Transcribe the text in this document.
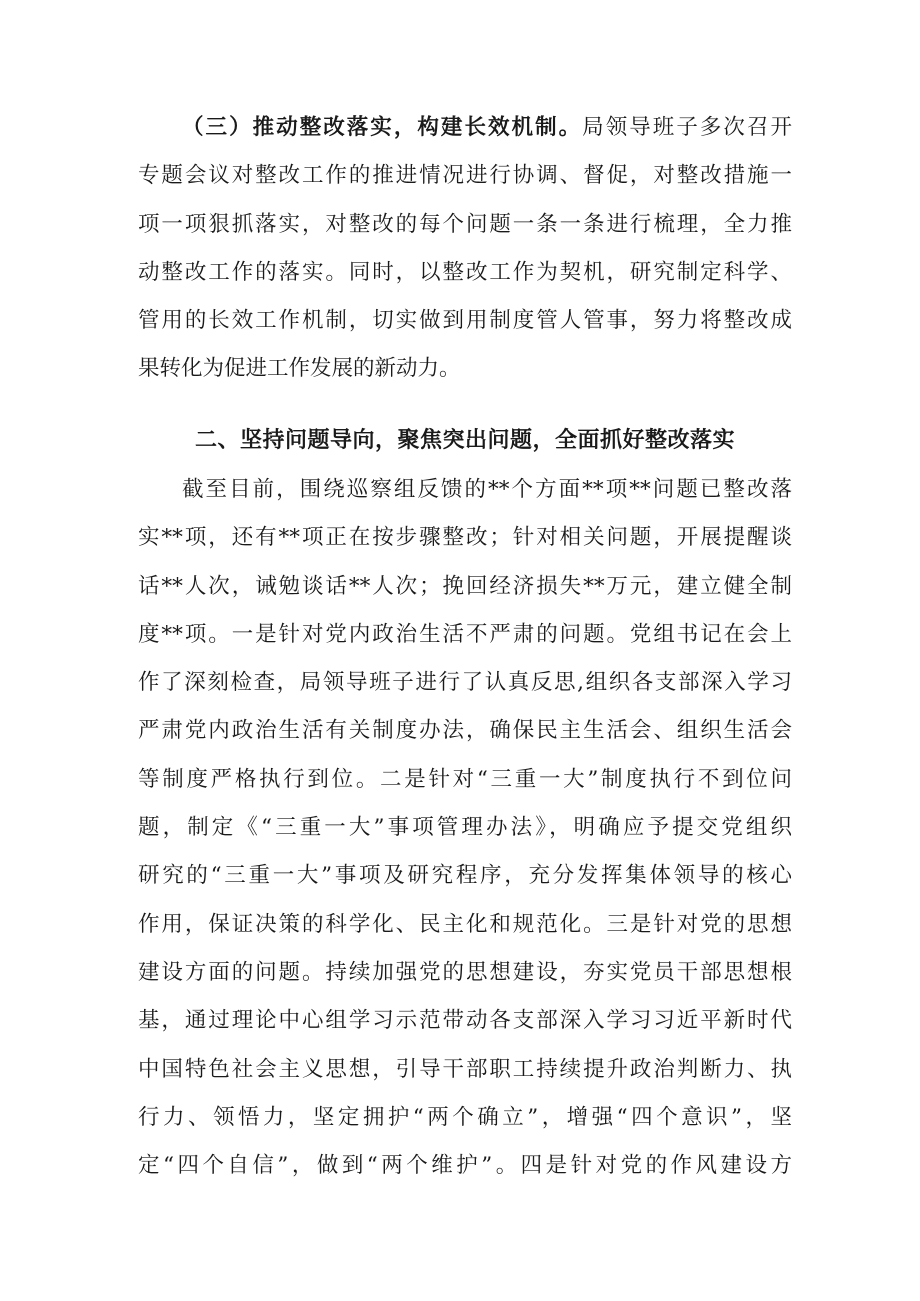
（三）推动整改落实，构建长效机制。局领导班子多次召开
专题会议对整改工作的推进情况进行协调、督促，对整改措施一
项一项狠抓落实，对整改的每个问题一条一条进行梳理，全力推
动整改工作的落实。同时，以整改工作为契机，研究制定科学、
管用的长效工作机制，切实做到用制度管人管事，努力将整改成
果转化为促进工作发展的新动力。
二、坚持问题导向，聚焦突出问题，全面抓好整改落实
截至目前，围绕巡察组反馈的**个方面**项**问题已整改落
实**项，还有**项正在按步骤整改；针对相关问题，开展提醒谈
话**人次，诫勉谈话**人次；挽回经济损失**万元，建立健全制
度**项。一是针对党内政治生活不严肃的问题。党组书记在会上
作了深刻检查，局领导班子进行了认真反思,组织各支部深入学习
严肃党内政治生活有关制度办法，确保民主生活会、组织生活会
等制度严格执行到位。二是针对“三重一大”制度执行不到位问
题，制定《“三重一大”事项管理办法》，明确应予提交党组织
研究的“三重一大”事项及研究程序，充分发挥集体领导的核心
作用，保证决策的科学化、民主化和规范化。三是针对党的思想
建设方面的问题。持续加强党的思想建设，夯实党员干部思想根
基，通过理论中心组学习示范带动各支部深入学习习近平新时代
中国特色社会主义思想，引导干部职工持续提升政治判断力、执
行力、领悟力，坚定拥护“两个确立”，增强“四个意识”，坚
定“四个自信”，做到“两个维护”。四是针对党的作风建设方
